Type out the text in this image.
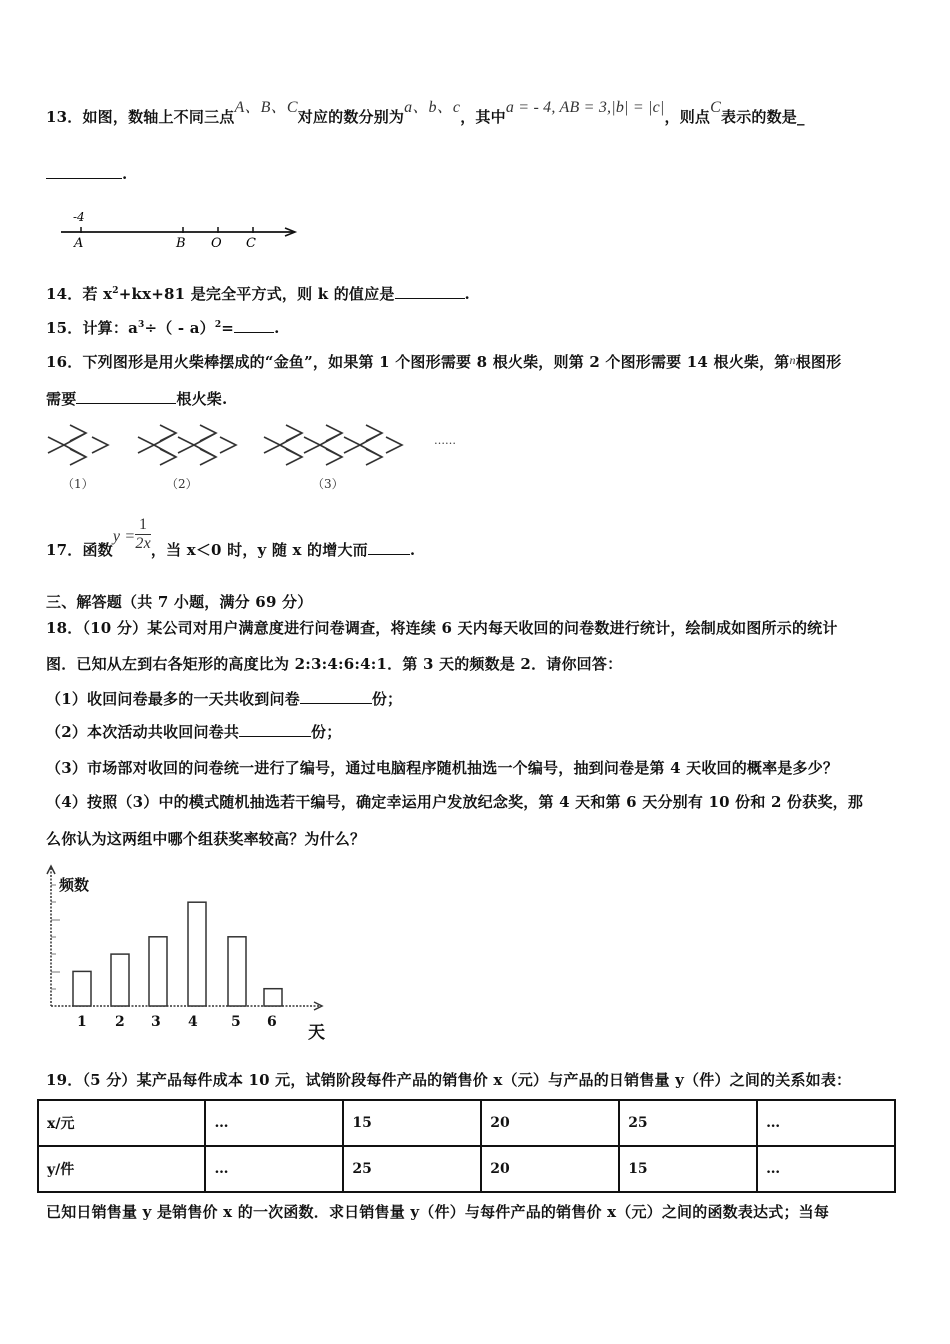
13．如图，数轴上不同三点A、B、C对应的数分别为a、b、c，其中a = - 4, AB = 3,|b| = |c|，则点C表示的数是_
.
-4
A	B O C
14．若 $x^2+kx+81$ 是完全平方式，则 k 的值应是	.
15．计算：$a^3\div( - a)^2=$	.
16．下列图形是用火柴棒摆成的“金鱼”，如果第 1 个图形需要 8 根火柴，则第 2 个图形需要 14 根火柴，第$^n$根图形
需要	根火柴.
（1）	（2）	（3）
……
17．函数$y = \frac{1}{2x}$ ，当 x＜0 时，y 随 x 的增大而	.
三、解答题（共 7 小题，满分 69 分）
18．（10 分）某公司对用户满意度进行问卷调查，将连续 6 天内每天收回的问卷数进行统计，绘制成如图所示的统计
图．已知从左到右各矩形的高度比为 2:3:4:6:4:1．第 3 天的频数是 2．请你回答：
（1）收回问卷最多的一天共收到问卷	份；
（2）本次活动共收回问卷共	份；
（3）市场部对收回的问卷统一进行了编号，通过电脑程序随机抽选一个编号，抽到问卷是第 4 天收回的概率是多少？
（4）按照（3）中的模式随机抽选若干编号，确定幸运用户发放纪念奖，第 4 天和第 6 天分别有 10 份和 2 份获奖，那
么你认为这两组中哪个组获奖率较高？为什么？
频数
1 2 3 4 5 6
天
19．（5 分）某产品每件成本 10 元，试销阶段每件产品的销售价 x（元）与产品的日销售量 y（件）之间的关系如表：
x/元	…	15	20	25	…
y/件	…	25	20	15	…
已知日销售量 y 是销售价 x 的一次函数．求日销售量 y（件）与每件产品的销售价 x（元）之间的函数表达式；当每
